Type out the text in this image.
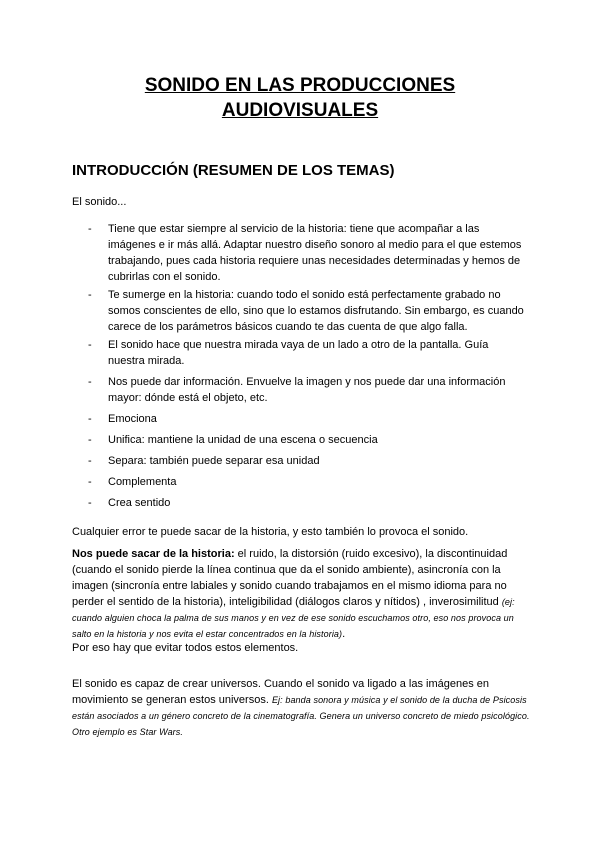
SONIDO EN LAS PRODUCCIONES
AUDIOVISUALES
INTRODUCCIÓN (RESUMEN DE LOS TEMAS)

El sonido...

- Tiene que estar siempre al servicio de la historia: tiene que acompañar a las imágenes e ir más allá. Adaptar nuestro diseño sonoro al medio para el que estemos trabajando, pues cada historia requiere unas necesidades determinadas y hemos de cubrirlas con el sonido.
- Te sumerge en la historia: cuando todo el sonido está perfectamente grabado no somos conscientes de ello, sino que lo estamos disfrutando. Sin embargo, es cuando carece de los parámetros básicos cuando te das cuenta de que algo falla.
- El sonido hace que nuestra mirada vaya de un lado a otro de la pantalla. Guía nuestra mirada.
- Nos puede dar información. Envuelve la imagen y nos puede dar una información mayor: dónde está el objeto, etc.
- Emociona
- Unifica: mantiene la unidad de una escena o secuencia
- Separa: también puede separar esa unidad
- Complementa
- Crea sentido

Cualquier error te puede sacar de la historia, y esto también lo provoca el sonido.

Nos puede sacar de la historia: el ruido, la distorsión (ruido excesivo), la discontinuidad (cuando el sonido pierde la línea continua que da el sonido ambiente), asincronía con la imagen (sincronía entre labiales y sonido cuando trabajamos en el mismo idioma para no perder el sentido de la historia), inteligibilidad (diálogos claros y nítidos) , inverosimilitud (ej: cuando alguien choca la palma de sus manos y en vez de ese sonido escuchamos otro, eso nos provoca un salto en la historia y nos evita el estar concentrados en la historia).

Por eso hay que evitar todos estos elementos.

El sonido es capaz de crear universos. Cuando el sonido va ligado a las imágenes en movimiento se generan estos universos. Ej: banda sonora y música y el sonido de la ducha de Psicosis están asociados a un género concreto de la cinematografía. Genera un universo concreto de miedo psicológico. Otro ejemplo es Star Wars.
